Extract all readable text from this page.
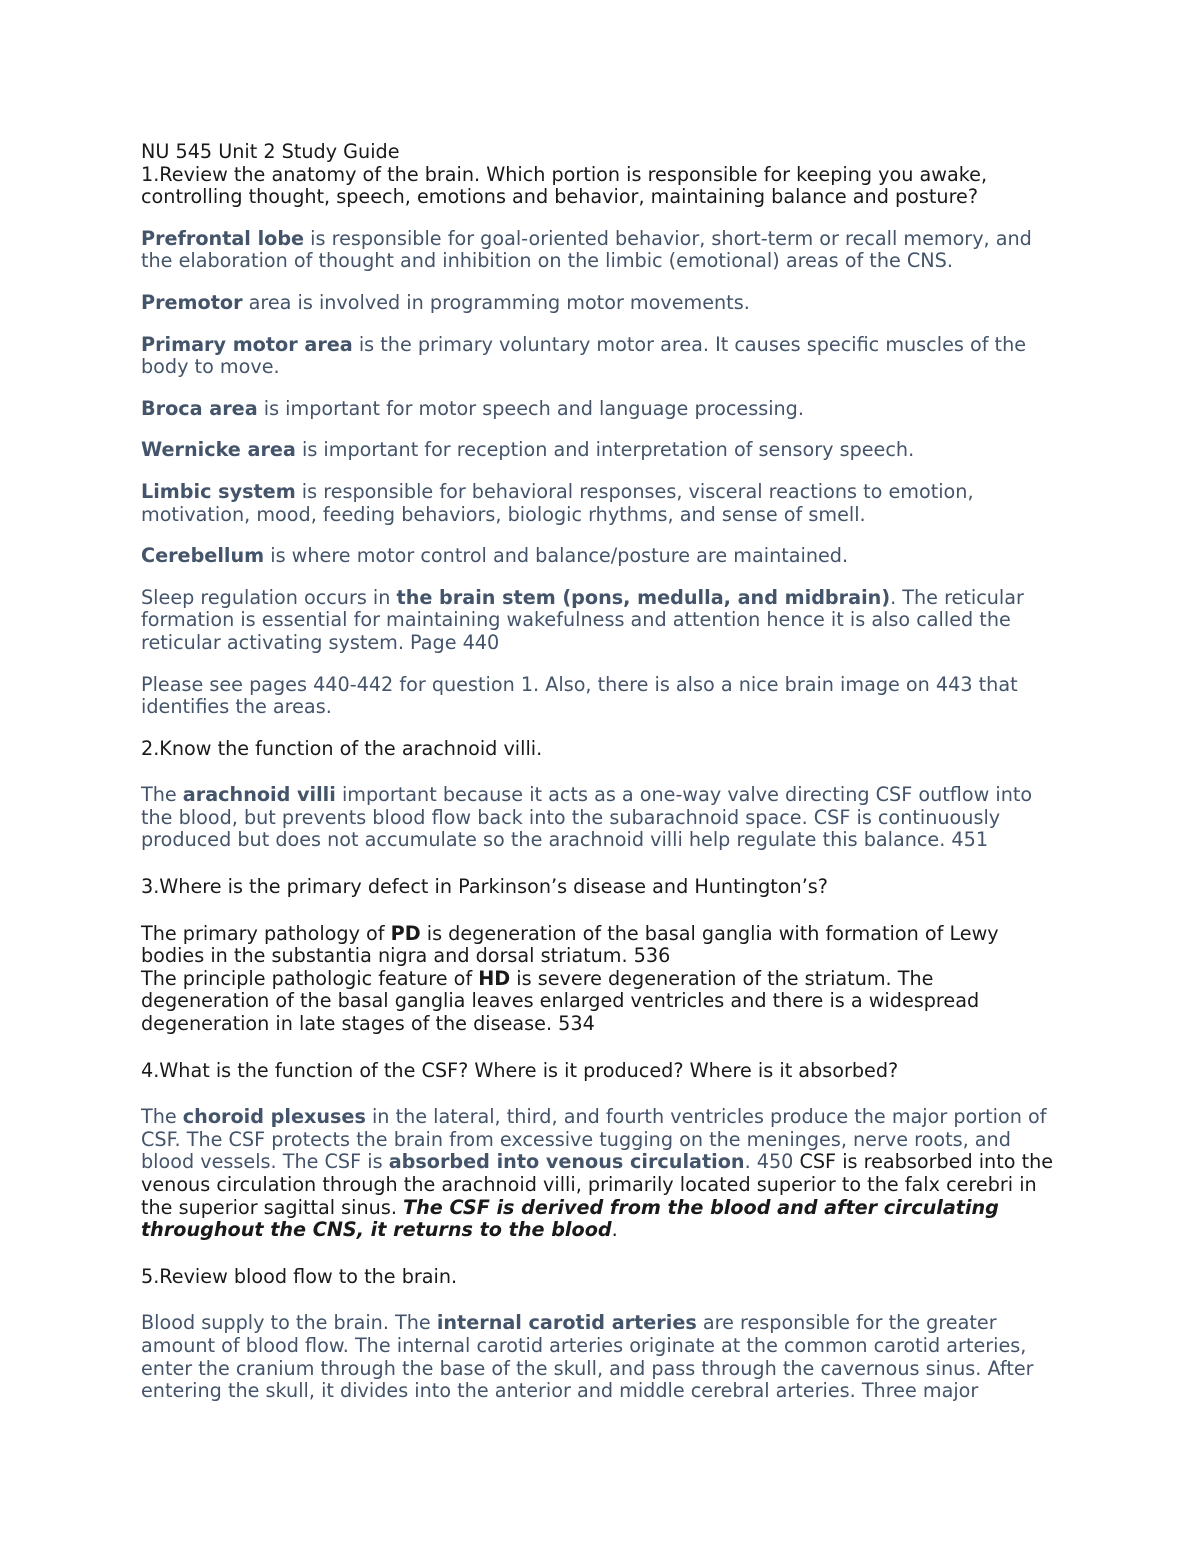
NU 545 Unit 2 Study Guide

1.Review the anatomy of the brain. Which portion is responsible for keeping you awake, controlling thought, speech, emotions and behavior, maintaining balance and posture?

Prefrontal lobe is responsible for goal-oriented behavior, short-term or recall memory, and the elaboration of thought and inhibition on the limbic (emotional) areas of the CNS.

Premotor area is involved in programming motor movements.

Primary motor area is the primary voluntary motor area. It causes specific muscles of the body to move.

Broca area is important for motor speech and language processing.

Wernicke area is important for reception and interpretation of sensory speech.

Limbic system is responsible for behavioral responses, visceral reactions to emotion, motivation, mood, feeding behaviors, biologic rhythms, and sense of smell.

Cerebellum is where motor control and balance/posture are maintained.

Sleep regulation occurs in the brain stem (pons, medulla, and midbrain). The reticular formation is essential for maintaining wakefulness and attention hence it is also called the reticular activating system. Page 440

Please see pages 440-442 for question 1. Also, there is also a nice brain image on 443 that identifies the areas.

2.Know the function of the arachnoid villi.

The arachnoid villi important because it acts as a one-way valve directing CSF outflow into the blood, but prevents blood flow back into the subarachnoid space. CSF is continuously produced but does not accumulate so the arachnoid villi help regulate this balance. 451

3.Where is the primary defect in Parkinson’s disease and Huntington’s?

The primary pathology of PD is degeneration of the basal ganglia with formation of Lewy bodies in the substantia nigra and dorsal striatum. 536

The principle pathologic feature of HD is severe degeneration of the striatum. The degeneration of the basal ganglia leaves enlarged ventricles and there is a widespread degeneration in late stages of the disease. 534

4.What is the function of the CSF? Where is it produced? Where is it absorbed?

The choroid plexuses in the lateral, third, and fourth ventricles produce the major portion of CSF. The CSF protects the brain from excessive tugging on the meninges, nerve roots, and blood vessels. The CSF is absorbed into venous circulation. 450 CSF is reabsorbed into the venous circulation through the arachnoid villi, primarily located superior to the falx cerebri in the superior sagittal sinus. The CSF is derived from the blood and after circulating throughout the CNS, it returns to the blood.

5.Review blood flow to the brain.

Blood supply to the brain. The internal carotid arteries are responsible for the greater amount of blood flow. The internal carotid arteries originate at the common carotid arteries, enter the cranium through the base of the skull, and pass through the cavernous sinus. After entering the skull, it divides into the anterior and middle cerebral arteries. Three major
